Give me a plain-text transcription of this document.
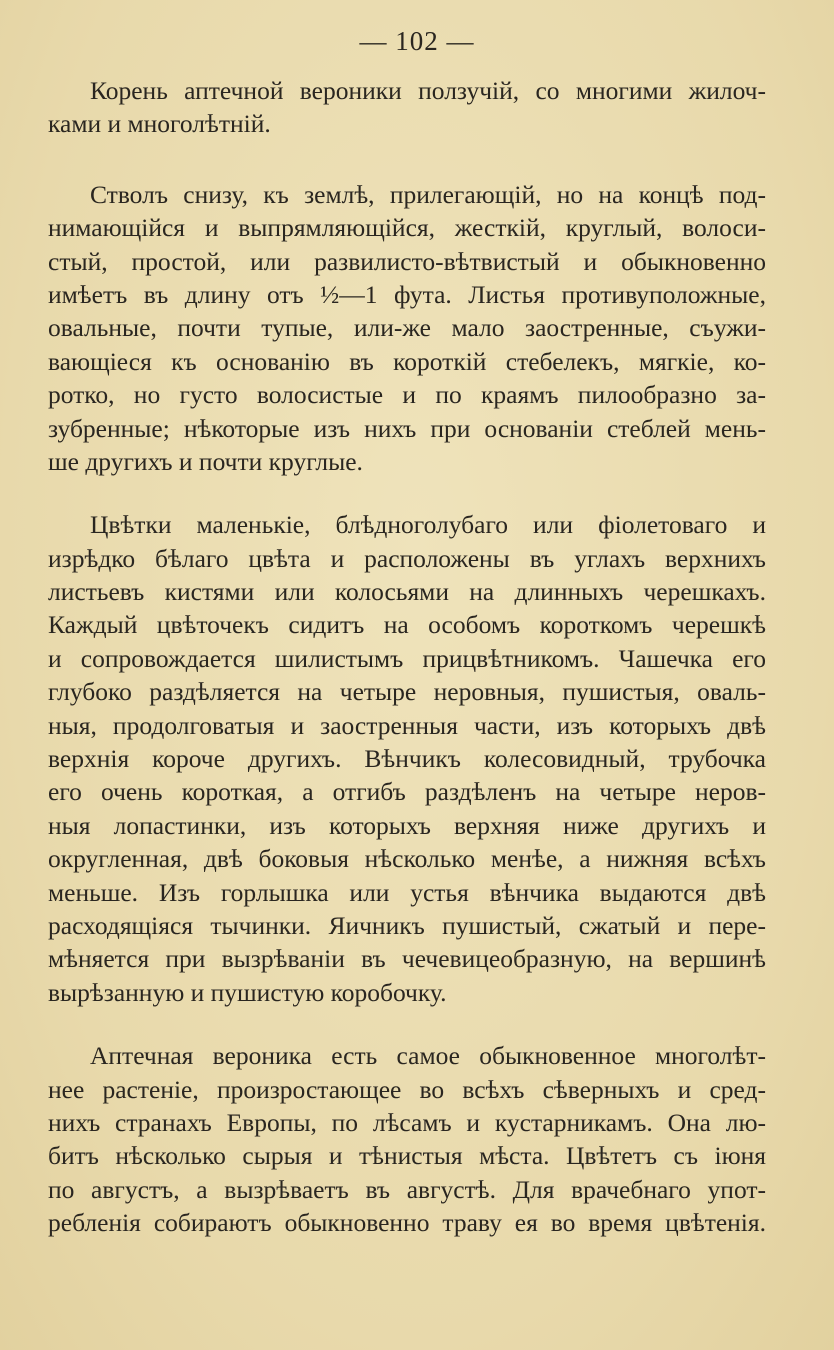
— 102 —
Корень аптечной вероники ползучій, со многими жилоч-
ками и многолѣтній.
Стволъ снизу, къ землѣ, прилегающій, но на концѣ под-
нимающійся и выпрямляющійся, жесткій, круглый, волоси-
стый, простой, или развилисто-вѣтвистый и обыкновенно
имѣетъ въ длину отъ ½—1 фута. Листья противуположные,
овальные, почти тупые, или-же мало заостренные, съужи-
вающіеся къ основанію въ короткій стебелекъ, мягкіе, ко-
ротко, но густо волосистые и по краямъ пилообразно за-
зубренные; нѣкоторые изъ нихъ при основаніи стеблей мень-
ше другихъ и почти круглые.
Цвѣтки маленькіе, блѣдноголубаго или фіолетоваго и
изрѣдко бѣлаго цвѣта и расположены въ углахъ верхнихъ
листьевъ кистями или колосьями на длинныхъ черешкахъ.
Каждый цвѣточекъ сидитъ на особомъ короткомъ черешкѣ
и сопровождается шилистымъ прицвѣтникомъ. Чашечка его
глубоко раздѣляется на четыре неровныя, пушистыя, оваль-
ныя, продолговатыя и заостренныя части, изъ которыхъ двѣ
верхнія короче другихъ. Вѣнчикъ колесовидный, трубочка
его очень короткая, а отгибъ раздѣленъ на четыре неров-
ныя лопастинки, изъ которыхъ верхняя ниже другихъ и
округленная, двѣ боковыя нѣсколько менѣе, а нижняя всѣхъ
меньше. Изъ горлышка или устья вѣнчика выдаются двѣ
расходящіяся тычинки. Яичникъ пушистый, сжатый и пере-
мѣняется при вызрѣваніи въ чечевицеобразную, на вершинѣ
вырѣзанную и пушистую коробочку.
Аптечная вероника есть самое обыкновенное многолѣт-
нее растеніе, произростающее во всѣхъ сѣверныхъ и сред-
нихъ странахъ Европы, по лѣсамъ и кустарникамъ. Она лю-
битъ нѣсколько сырыя и тѣнистыя мѣста. Цвѣтетъ съ іюня
по августъ, а вызрѣваетъ въ августѣ. Для врачебнаго упот-
ребленія собираютъ обыкновенно траву ея во время цвѣтенія.
